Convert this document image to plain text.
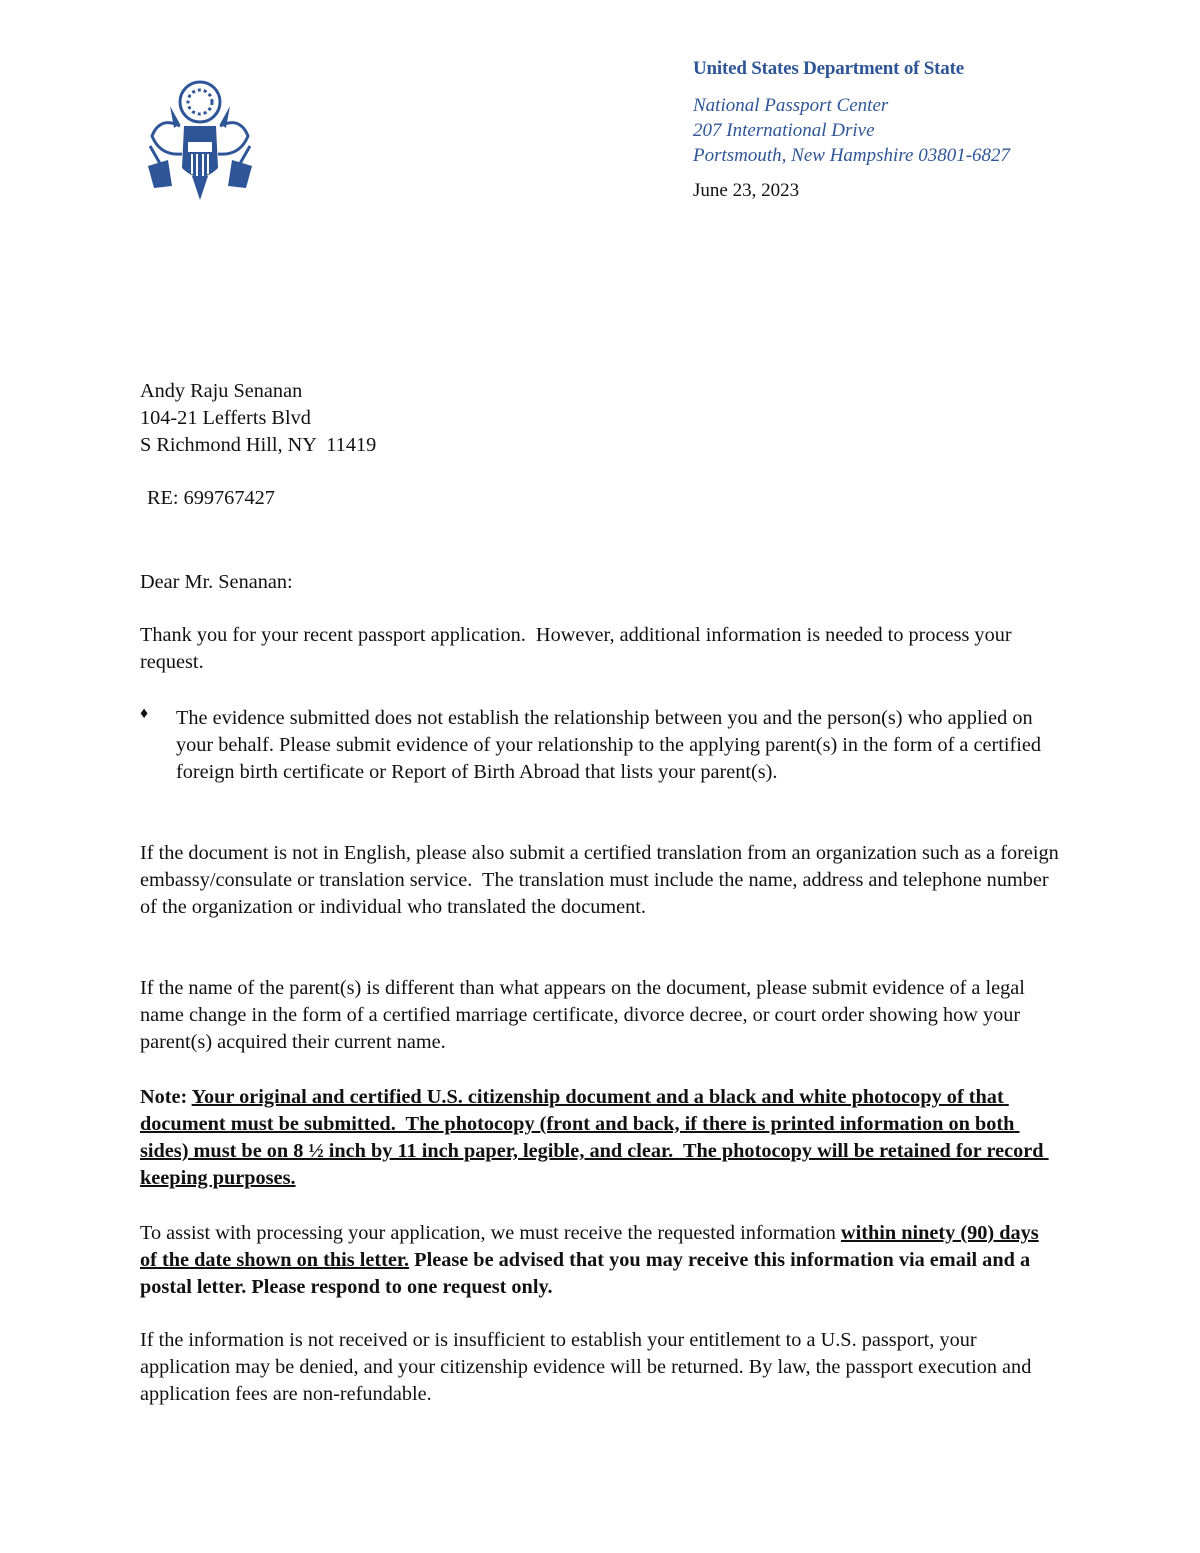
United States Department of State
National Passport Center
207 International Drive
Portsmouth, New Hampshire 03801-6827
June 23, 2023
Andy Raju Senanan
104-21 Lefferts Blvd
S Richmond Hill, NY  11419
RE: 699767427
Dear Mr. Senanan:
Thank you for your recent passport application.  However, additional information is needed to process your request.
♦ The evidence submitted does not establish the relationship between you and the person(s) who applied on your behalf. Please submit evidence of your relationship to the applying parent(s) in the form of a certified foreign birth certificate or Report of Birth Abroad that lists your parent(s).
If the document is not in English, please also submit a certified translation from an organization such as a foreign embassy/consulate or translation service.  The translation must include the name, address and telephone number of the organization or individual who translated the document.
If the name of the parent(s) is different than what appears on the document, please submit evidence of a legal name change in the form of a certified marriage certificate, divorce decree, or court order showing how your parent(s) acquired their current name.
Note: Your original and certified U.S. citizenship document and a black and white photocopy of that document must be submitted.  The photocopy (front and back, if there is printed information on both sides) must be on 8 ½ inch by 11 inch paper, legible, and clear.  The photocopy will be retained for record keeping purposes.
To assist with processing your application, we must receive the requested information within ninety (90) days of the date shown on this letter. Please be advised that you may receive this information via email and a postal letter. Please respond to one request only.
If the information is not received or is insufficient to establish your entitlement to a U.S. passport, your application may be denied, and your citizenship evidence will be returned. By law, the passport execution and application fees are non-refundable.
